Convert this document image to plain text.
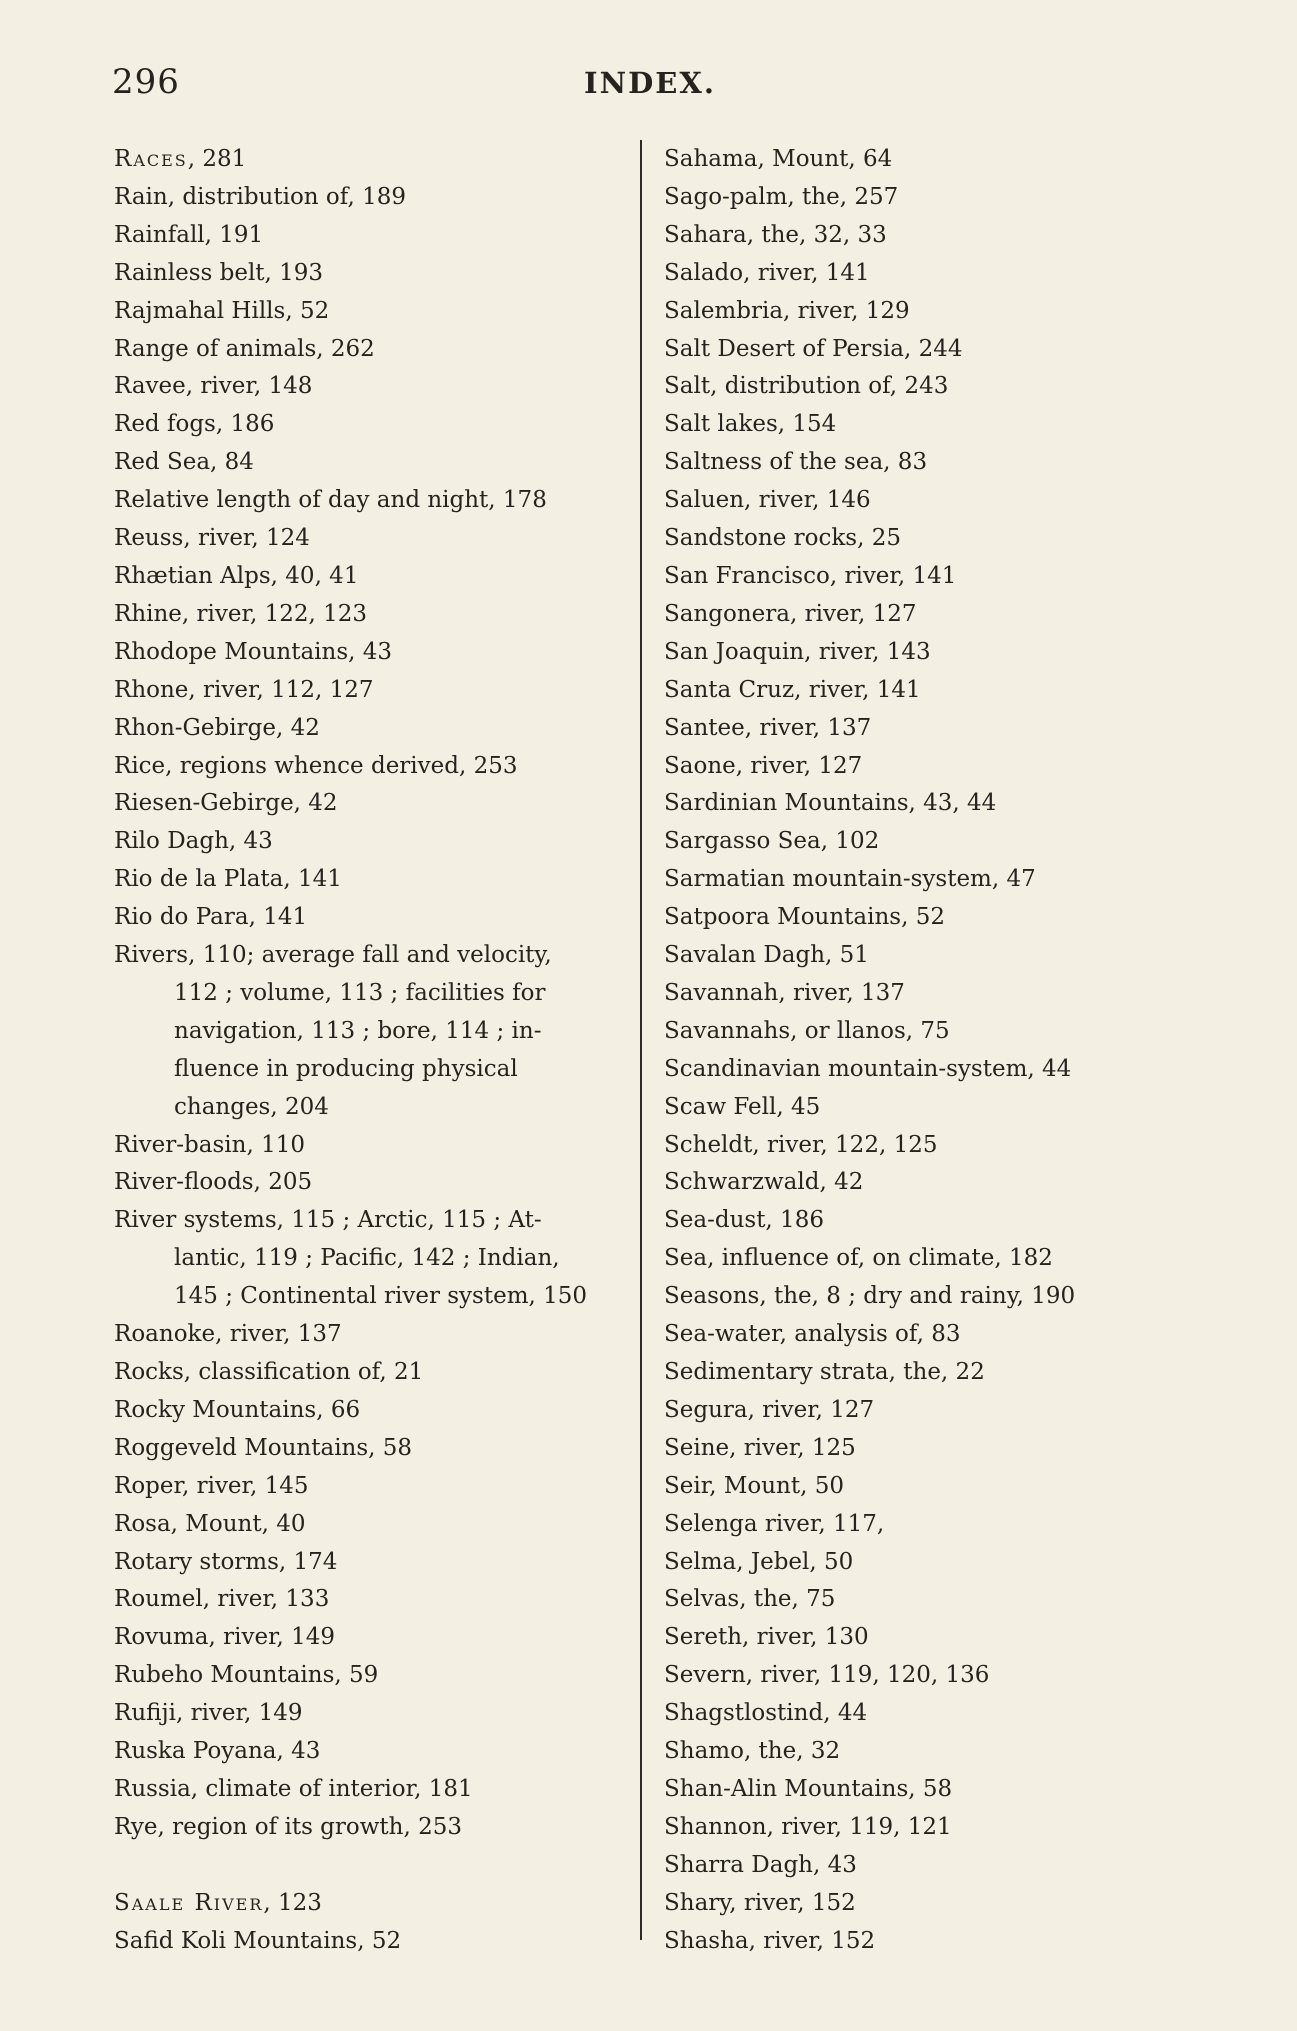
296	INDEX.
Races, 281
Rain, distribution of, 189
Rainfall, 191
Rainless belt, 193
Rajmahal Hills, 52
Range of animals, 262
Ravee, river, 148
Red fogs, 186
Red Sea, 84
Relative length of day and night, 178
Reuss, river, 124
Rhætian Alps, 40, 41
Rhine, river, 122, 123
Rhodope Mountains, 43
Rhone, river, 112, 127
Rhon-Gebirge, 42
Rice, regions whence derived, 253
Riesen-Gebirge, 42
Rilo Dagh, 43
Rio de la Plata, 141
Rio do Para, 141
Rivers, 110; average fall and velocity,
112 ; volume, 113 ; facilities for
navigation, 113 ; bore, 114 ; in-
fluence in producing physical
changes, 204
River-basin, 110
River-floods, 205
River systems, 115 ; Arctic, 115 ; At-
lantic, 119 ; Pacific, 142 ; Indian,
145 ; Continental river system, 150
Roanoke, river, 137
Rocks, classification of, 21
Rocky Mountains, 66
Roggeveld Mountains, 58
Roper, river, 145
Rosa, Mount, 40
Rotary storms, 174
Roumel, river, 133
Rovuma, river, 149
Rubeho Mountains, 59
Rufiji, river, 149
Ruska Poyana, 43
Russia, climate of interior, 181
Rye, region of its growth, 253
Saale River, 123
Safid Koli Mountains, 52
Sahama, Mount, 64
Sago-palm, the, 257
Sahara, the, 32, 33
Salado, river, 141
Salembria, river, 129
Salt Desert of Persia, 244
Salt, distribution of, 243
Salt lakes, 154
Saltness of the sea, 83
Saluen, river, 146
Sandstone rocks, 25
San Francisco, river, 141
Sangonera, river, 127
San Joaquin, river, 143
Santa Cruz, river, 141
Santee, river, 137
Saone, river, 127
Sardinian Mountains, 43, 44
Sargasso Sea, 102
Sarmatian mountain-system, 47
Satpoora Mountains, 52
Savalan Dagh, 51
Savannah, river, 137
Savannahs, or llanos, 75
Scandinavian mountain-system, 44
Scaw Fell, 45
Scheldt, river, 122, 125
Schwarzwald, 42
Sea-dust, 186
Sea, influence of, on climate, 182
Seasons, the, 8 ; dry and rainy, 190
Sea-water, analysis of, 83
Sedimentary strata, the, 22
Segura, river, 127
Seine, river, 125
Seir, Mount, 50
Selenga river, 117,
Selma, Jebel, 50
Selvas, the, 75
Sereth, river, 130
Severn, river, 119, 120, 136
Shagstlostind, 44
Shamo, the, 32
Shan-Alin Mountains, 58
Shannon, river, 119, 121
Sharra Dagh, 43
Shary, river, 152
Shasha, river, 152
